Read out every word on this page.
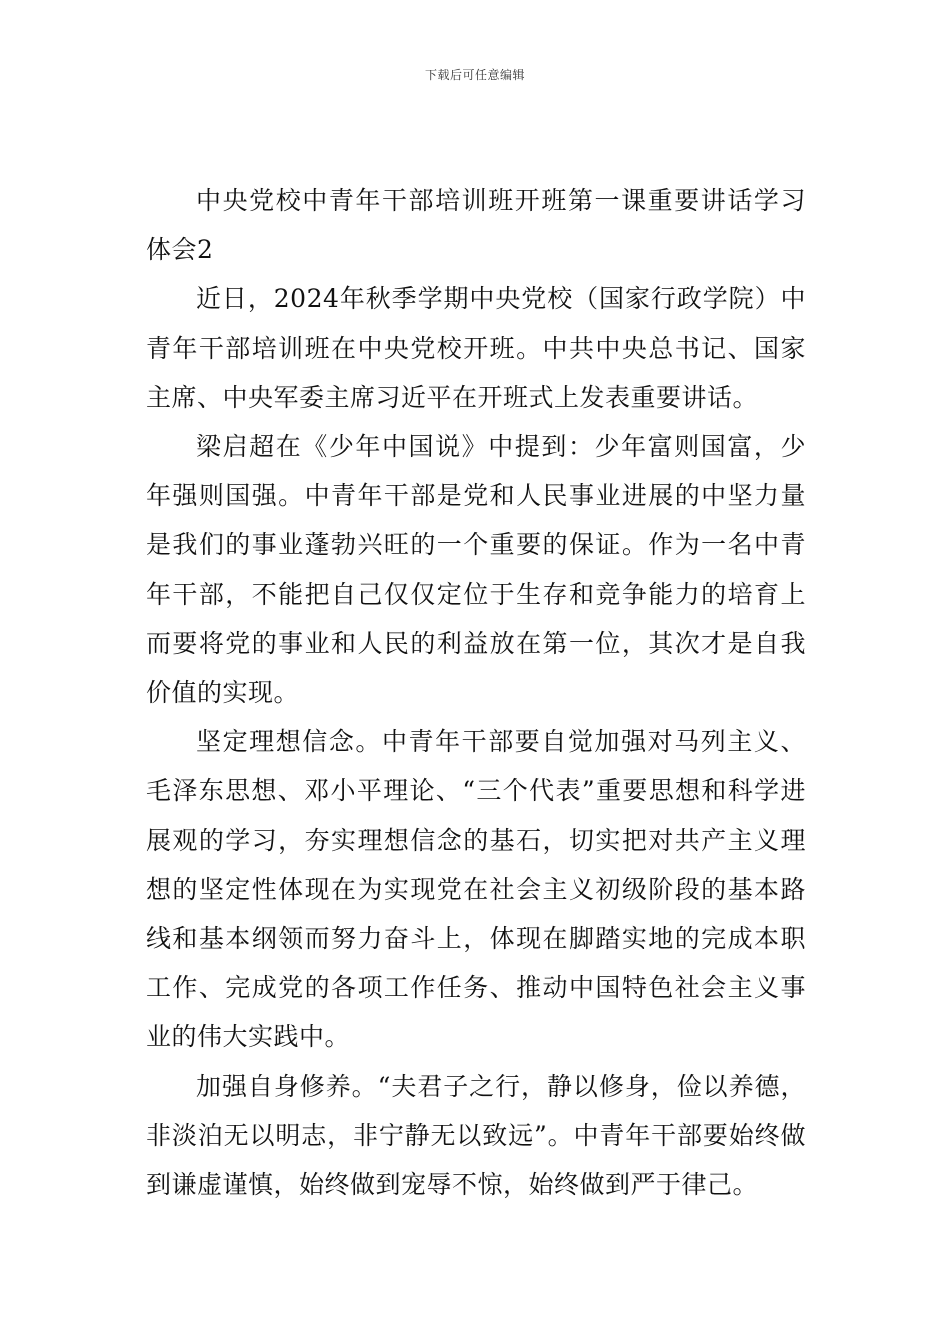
下载后可任意编辑

中央党校中青年干部培训班开班第一课重要讲话学习体会2

近日，2024年秋季学期中央党校（国家行政学院）中青年干部培训班在中央党校开班。中共中央总书记、国家主席、中央军委主席习近平在开班式上发表重要讲话。

梁启超在《少年中国说》中提到：少年富则国富，少年强则国强。中青年干部是党和人民事业进展的中坚力量是我们的事业蓬勃兴旺的一个重要的保证。作为一名中青年干部，不能把自己仅仅定位于生存和竞争能力的培育上而要将党的事业和人民的利益放在第一位，其次才是自我价值的实现。

坚定理想信念。中青年干部要自觉加强对马列主义、毛泽东思想、邓小平理论、“三个代表”重要思想和科学进展观的学习，夯实理想信念的基石，切实把对共产主义理想的坚定性体现在为实现党在社会主义初级阶段的基本路线和基本纲领而努力奋斗上，体现在脚踏实地的完成本职工作、完成党的各项工作任务、推动中国特色社会主义事业的伟大实践中。

加强自身修养。“夫君子之行，静以修身，俭以养德，非淡泊无以明志，非宁静无以致远”。中青年干部要始终做到谦虚谨慎，始终做到宠辱不惊，始终做到严于律己。
